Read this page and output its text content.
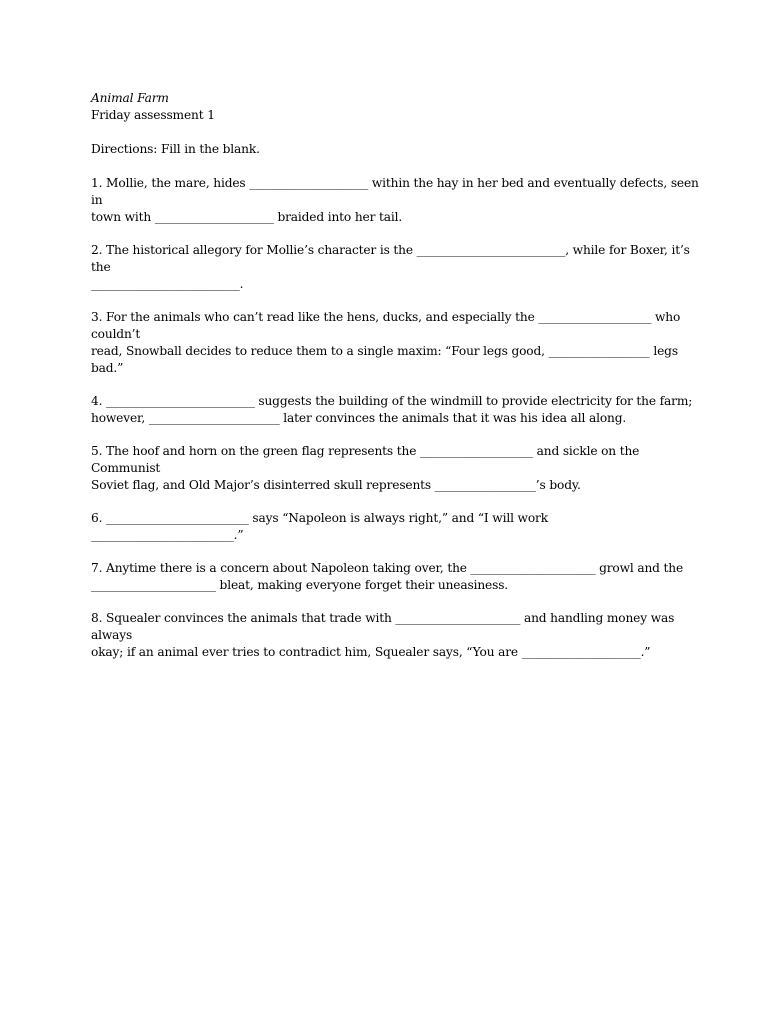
Animal Farm

Friday assessment 1

Directions: Fill in the blank.

1. Mollie, the mare, hides ____________________ within the hay in her bed and eventually defects, seen in

town with ____________________ braided into her tail.

2. The historical allegory for Mollie’s character is the _________________________, while for Boxer, it’s the

_________________________.

3. For the animals who can’t read like the hens, ducks, and especially the ___________________ who couldn’t

read, Snowball decides to reduce them to a single maxim: “Four legs good, _________________ legs bad.”

4. _________________________ suggests the building of the windmill to provide electricity for the farm;

however, ______________________ later convinces the animals that it was his idea all along.

5. The hoof and horn on the green flag represents the ___________________ and sickle on the Communist

Soviet flag, and Old Major’s disinterred skull represents _________________’s body.

6. ________________________ says “Napoleon is always right,” and “I will work ________________________.”

7. Anytime there is a concern about Napoleon taking over, the _____________________ growl and the

_____________________ bleat, making everyone forget their uneasiness.

8. Squealer convinces the animals that trade with _____________________ and handling money was always

okay; if an animal ever tries to contradict him, Squealer says, “You are ____________________.”
